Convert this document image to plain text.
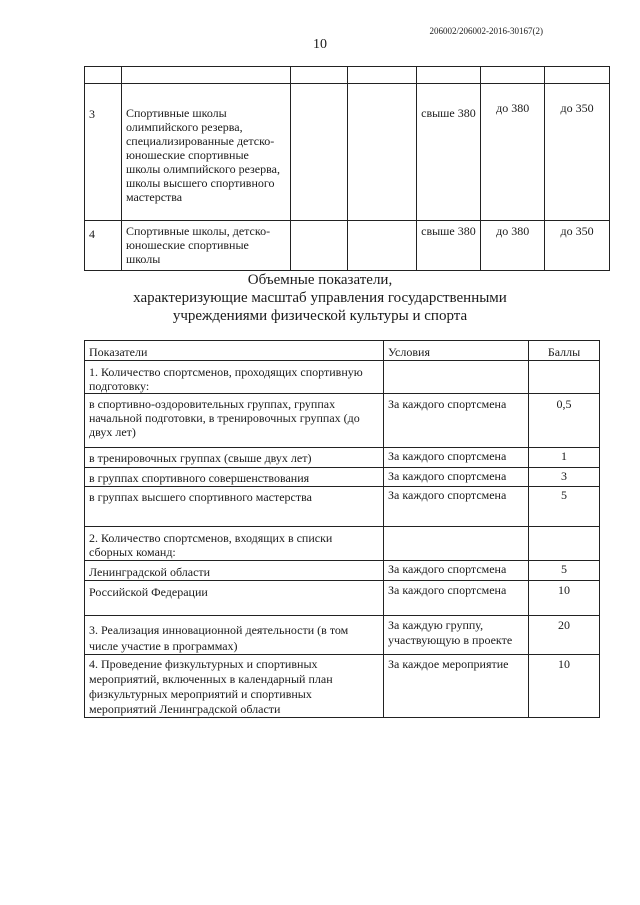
206002/206002-2016-30167(2)
10

3	Спортивные школы олимпийского резерва, специализированные детско-юношеские спортивные школы олимпийского резерва, школы высшего спортивного мастерства			свыше 380	до 380	до 350
4	Спортивные школы, детско-юношеские спортивные школы			свыше 380	до 380	до 350
Объемные показатели,
характеризующие масштаб управления государственными
учреждениями физической культуры и спорта
Показатели	Условия	Баллы
1. Количество спортсменов, проходящих спортивную подготовку:		
в спортивно-оздоровительных группах, группах начальной подготовки, в тренировочных группах (до двух лет)	За каждого спортсмена	0,5
в тренировочных группах (свыше двух лет)	За каждого спортсмена	1
в группах спортивного совершенствования	За каждого спортсмена	3
в группах высшего спортивного мастерства	За каждого спортсмена	5
2. Количество спортсменов, входящих в списки сборных команд:		
Ленинградской области	За каждого спортсмена	5
Российской Федерации	За каждого спортсмена	10
3. Реализация инновационной деятельности (в том числе участие в программах)	За каждую группу, участвующую в проекте	20
4. Проведение физкультурных и спортивных мероприятий, включенных в календарный план физкультурных мероприятий и спортивных мероприятий Ленинградской области	За каждое мероприятие	10
